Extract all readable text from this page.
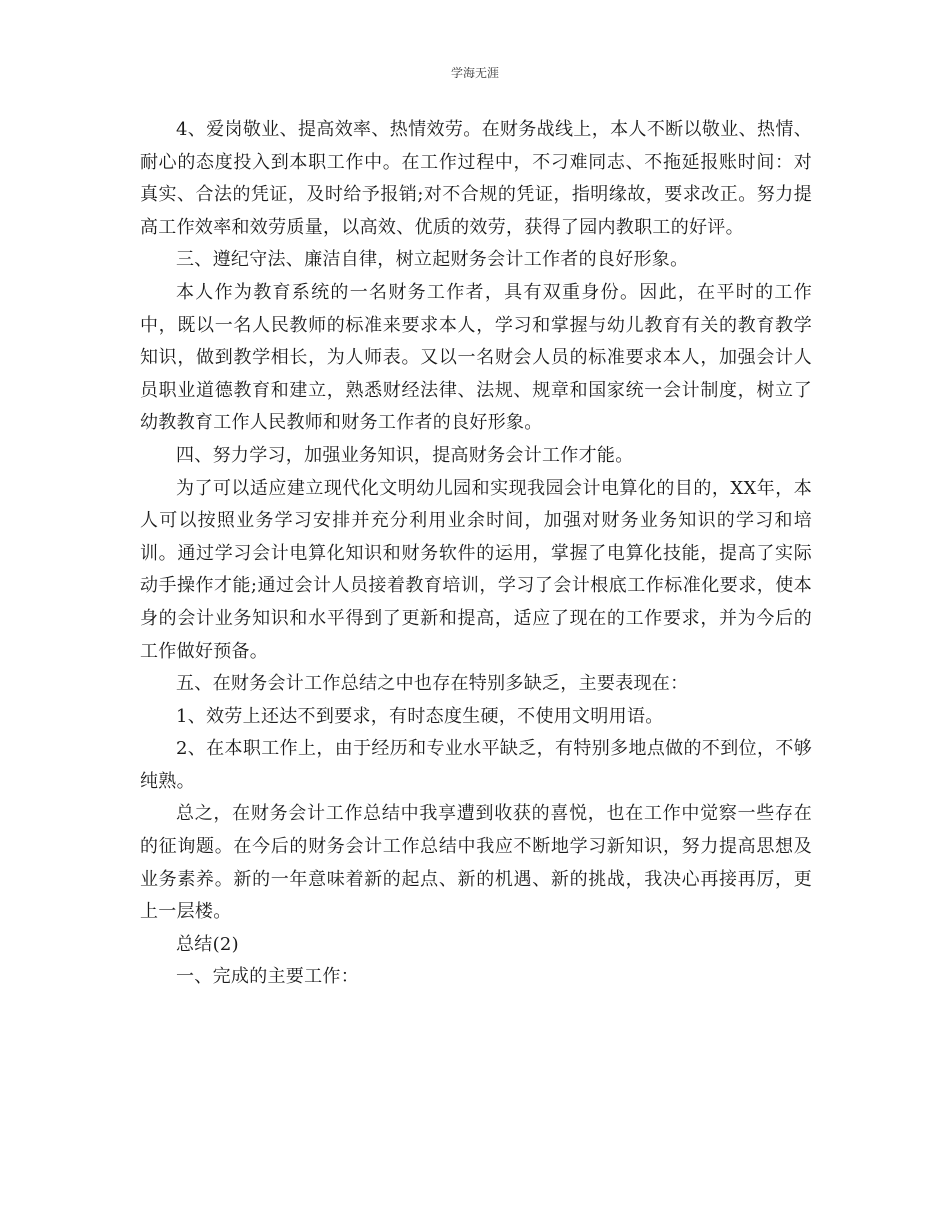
学海无涯

4、爱岗敬业、提高效率、热情效劳。在财务战线上，本人不断以敬业、热情、耐心的态度投入到本职工作中。在工作过程中，不刁难同志、不拖延报账时间：对真实、合法的凭证，及时给予报销;对不合规的凭证，指明缘故，要求改正。努力提高工作效率和效劳质量，以高效、优质的效劳，获得了园内教职工的好评。

三、遵纪守法、廉洁自律，树立起财务会计工作者的良好形象。

本人作为教育系统的一名财务工作者，具有双重身份。因此，在平时的工作中，既以一名人民教师的标准来要求本人，学习和掌握与幼儿教育有关的教育教学知识，做到教学相长，为人师表。又以一名财会人员的标准要求本人，加强会计人员职业道德教育和建立，熟悉财经法律、法规、规章和国家统一会计制度，树立了幼教教育工作人民教师和财务工作者的良好形象。

四、努力学习，加强业务知识，提高财务会计工作才能。

为了可以适应建立现代化文明幼儿园和实现我园会计电算化的目的，XX年，本人可以按照业务学习安排并充分利用业余时间，加强对财务业务知识的学习和培训。通过学习会计电算化知识和财务软件的运用，掌握了电算化技能，提高了实际动手操作才能;通过会计人员接着教育培训，学习了会计根底工作标准化要求，使本身的会计业务知识和水平得到了更新和提高，适应了现在的工作要求，并为今后的工作做好预备。

五、在财务会计工作总结之中也存在特别多缺乏，主要表现在：

1、效劳上还达不到要求，有时态度生硬，不使用文明用语。

2、在本职工作上，由于经历和专业水平缺乏，有特别多地点做的不到位，不够纯熟。

总之，在财务会计工作总结中我享遭到收获的喜悦，也在工作中觉察一些存在的征询题。在今后的财务会计工作总结中我应不断地学习新知识，努力提高思想及业务素养。新的一年意味着新的起点、新的机遇、新的挑战，我决心再接再厉，更上一层楼。

总结(2)

一、完成的主要工作：
